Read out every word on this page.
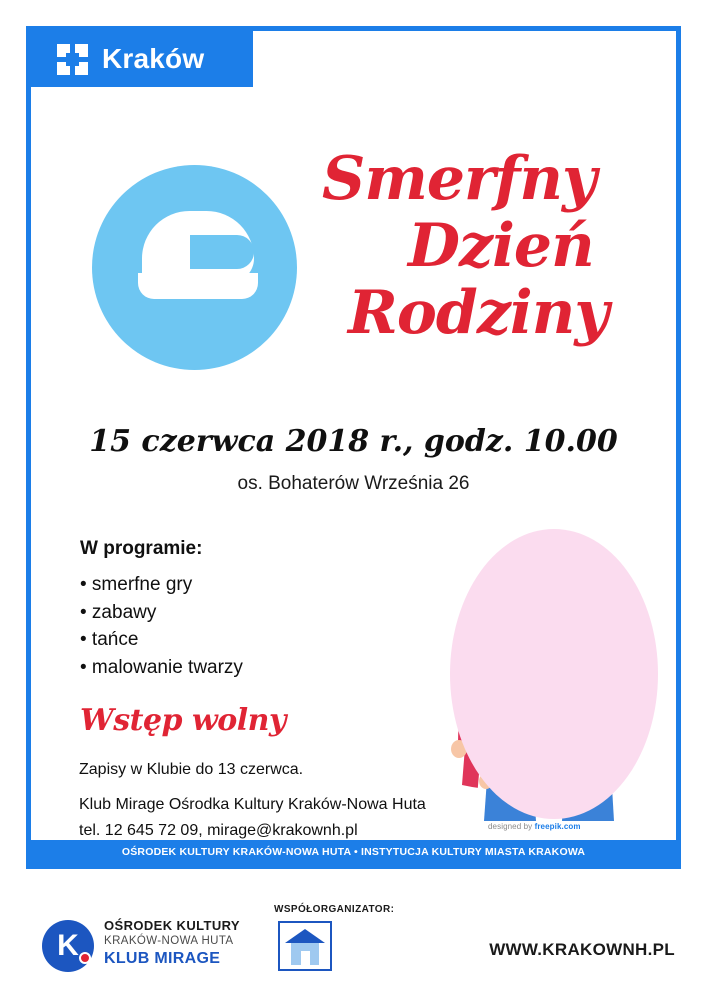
Kraków
Smerfny
Dzień
Rodziny
15 czerwca 2018 r., godz. 10.00
os. Bohaterów Września 26
W programie:
• smerfne gry
• zabawy
• tańce
• malowanie twarzy
Wstęp wolny
Zapisy w Klubie do 13 czerwca.
Klub Mirage Ośrodka Kultury Kraków-Nowa Huta
tel. 12 645 72 09, mirage@krakownh.pl	designed by freepik.com
OŚRODEK KULTURY KRAKÓW-NOWA HUTA • INSTYTUCJA KULTURY MIASTA KRAKOWA
K
OŚRODEK KULTURY
KRAKÓW-NOWA HUTA
KLUB MIRAGE
WSPÓŁORGANIZATOR:
WWW.KRAKOWNH.PL
